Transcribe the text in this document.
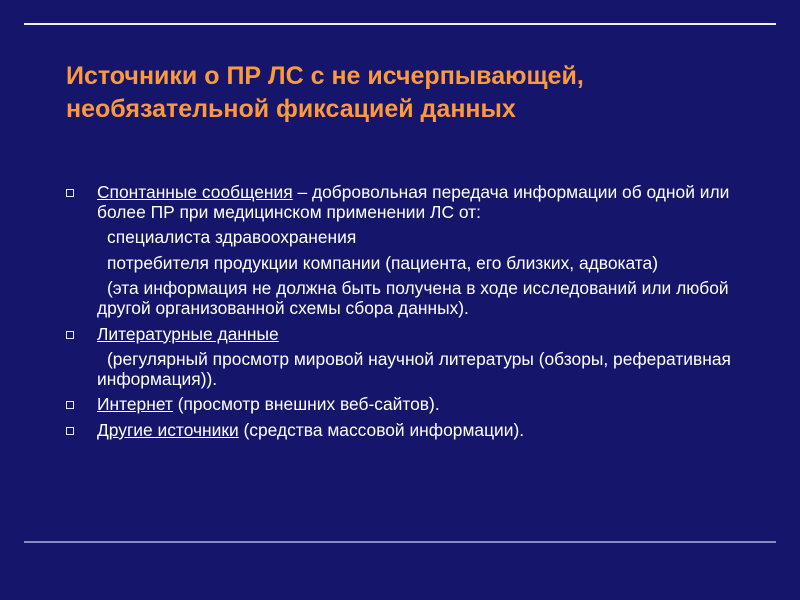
Источники о ПР ЛС с не исчерпывающей,
необязательной фиксацией данных

Спонтанные сообщения – добровольная передача информации об одной или более ПР при медицинском применении ЛС от:

специалиста здравоохранения

потребителя продукции компании (пациента, его близких, адвоката)

(эта информация не должна быть получена в ходе исследований или любой другой организованной схемы сбора данных).

Литературные данные

(регулярный просмотр мировой научной литературы (обзоры, реферативная информация)).

Интернет (просмотр внешних веб-сайтов).

Другие источники (средства массовой информации).
